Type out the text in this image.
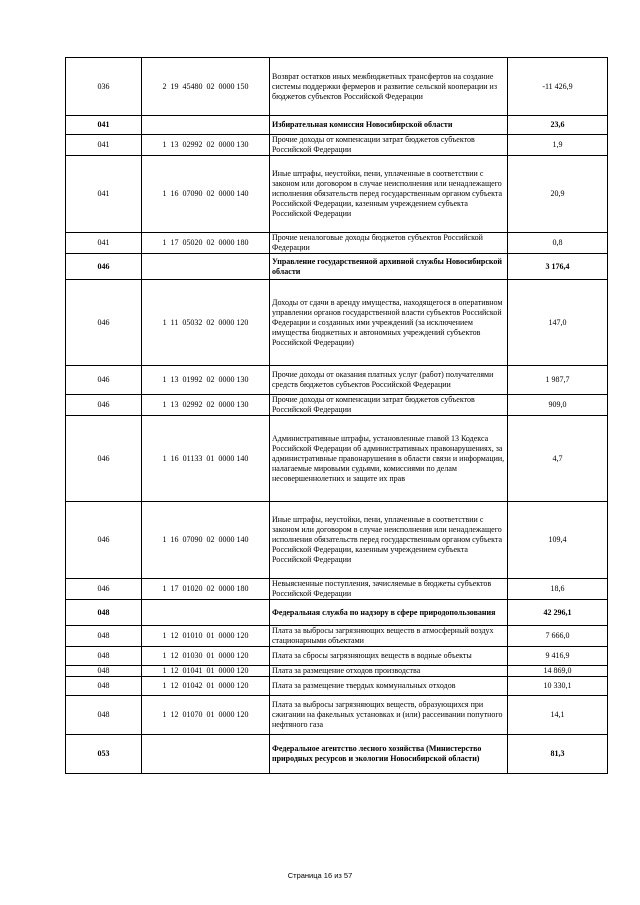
036	2  19  45480  02  0000 150	Возврат остатков иных межбюджетных трансфертов на создание системы поддержки фермеров и развитие сельской кооперации из бюджетов субъектов Российской Федерации	-11 426,9
041		Избирательная комиссия Новосибирской области	23,6
041	1  13  02992  02  0000 130	Прочие доходы от компенсации затрат бюджетов субъектов Российской Федерации	1,9
041	1  16  07090  02  0000 140	Иные штрафы, неустойки, пени, уплаченные в соответствии с законом или договором в случае неисполнения или ненадлежащего исполнения обязательств перед государственным органом субъекта Российской Федерации, казенным учреждением субъекта Российской Федерации	20,9
041	1  17  05020  02  0000 180	Прочие неналоговые доходы бюджетов субъектов Российской Федерации	0,8
046		Управление государственной архивной службы Новосибирской области	3 176,4
046	1  11  05032  02  0000 120	Доходы от сдачи в аренду имущества, находящегося в оперативном управлении органов государственной власти субъектов Российской Федерации и созданных ими учреждений (за исключением имущества бюджетных и автономных учреждений субъектов Российской Федерации)	147,0
046	1  13  01992  02  0000 130	Прочие доходы от оказания платных услуг (работ) получателями средств бюджетов субъектов Российской Федерации	1 987,7
046	1  13  02992  02  0000 130	Прочие доходы от компенсации затрат бюджетов субъектов Российской Федерации	909,0
046	1  16  01133  01  0000 140	Административные штрафы, установленные главой 13 Кодекса Российской Федерации об административных правонарушениях, за административные правонарушения в области связи и информации, налагаемые мировыми судьями, комиссиями по делам несовершеннолетних и защите их прав	4,7
046	1  16  07090  02  0000 140	Иные штрафы, неустойки, пени, уплаченные в соответствии с законом или договором в случае неисполнения или ненадлежащего исполнения обязательств перед государственным органом субъекта Российской Федерации, казенным учреждением субъекта Российской Федерации	109,4
046	1  17  01020  02  0000 180	Невыясненные поступления, зачисляемые в бюджеты субъектов Российской Федерации	18,6
048		Федеральная служба по надзору в сфере природопользования	42 296,1
048	1  12  01010  01  0000 120	Плата за выбросы загрязняющих веществ в атмосферный воздух стационарными объектами	7 666,0
048	1  12  01030  01  0000 120	Плата за сбросы загрязняющих веществ в водные объекты	9 416,9
048	1  12  01041  01  0000 120	Плата за размещение отходов производства	14 869,0
048	1  12  01042  01  0000 120	Плата за размещение твердых коммунальных отходов	10 330,1
048	1  12  01070  01  0000 120	Плата за выбросы загрязняющих веществ, образующихся при сжигании на факельных установках и (или) рассеивании попутного нефтяного газа	14,1
053		Федеральное агентство лесного хозяйства (Министерство природных ресурсов и экологии Новосибирской области)	81,3
Страница 16 из 57
